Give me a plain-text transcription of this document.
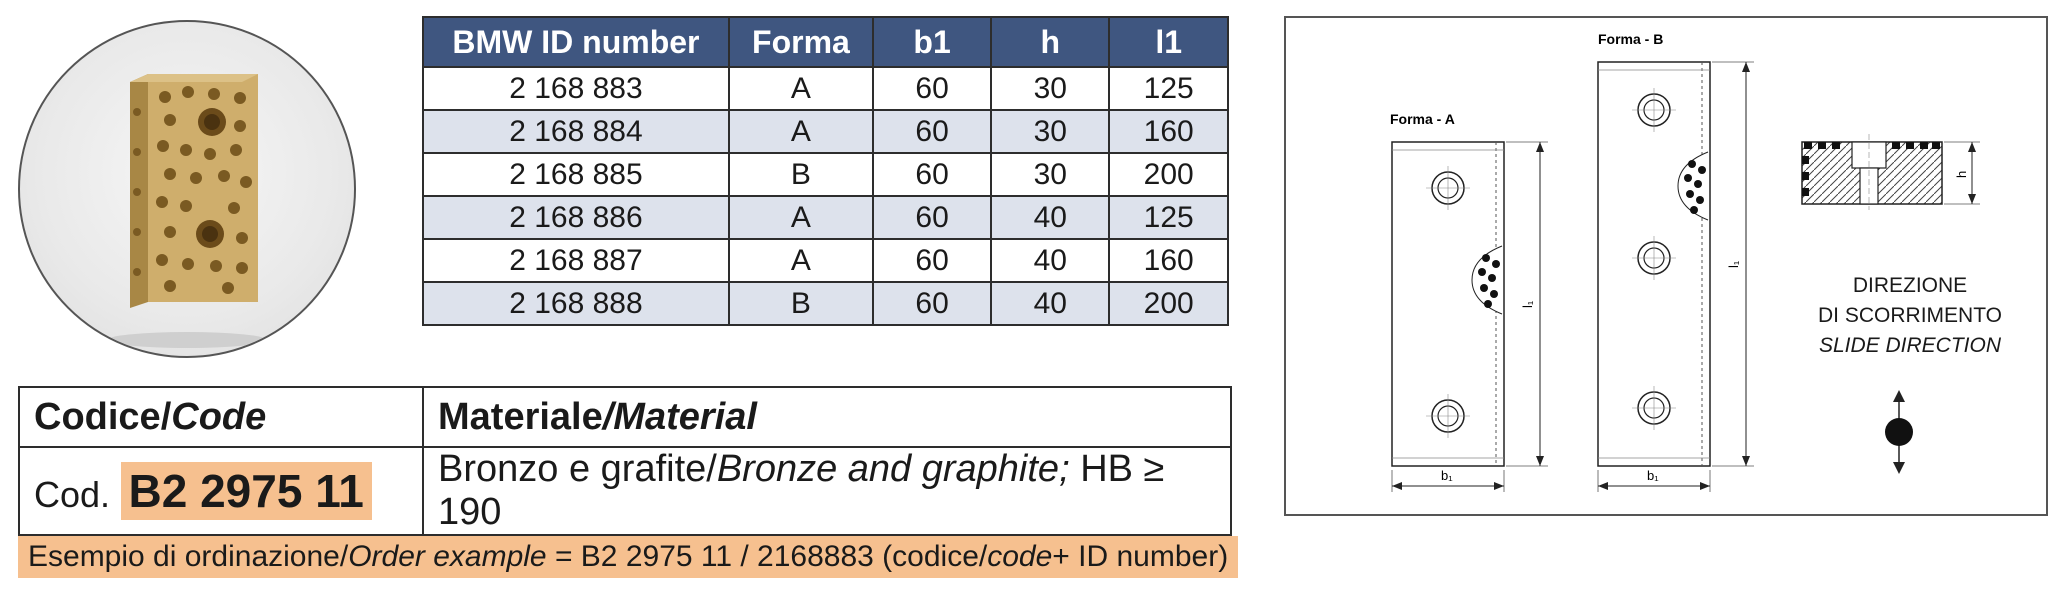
BMW ID number	Forma	b1	h	l1
2 168 883	A	60	30	125
2 168 884	A	60	30	160
2 168 885	B	60	30	200
2 168 886	A	60	40	125
2 168 887	A	60	40	160
2 168 888	B	60	40	200
Codice/Code	Materiale/Material
Cod. B2 2975 11	Bronzo e grafite/Bronze and graphite; HB ≥ 190
Esempio di ordinazione/Order example = B2 2975 11 / 2168883 (codice/code+ ID number)
Forma - A
l₁
b₁
Forma - B
l₁
b₁
h
DIREZIONE
DI SCORRIMENTO
SLIDE DIRECTION
